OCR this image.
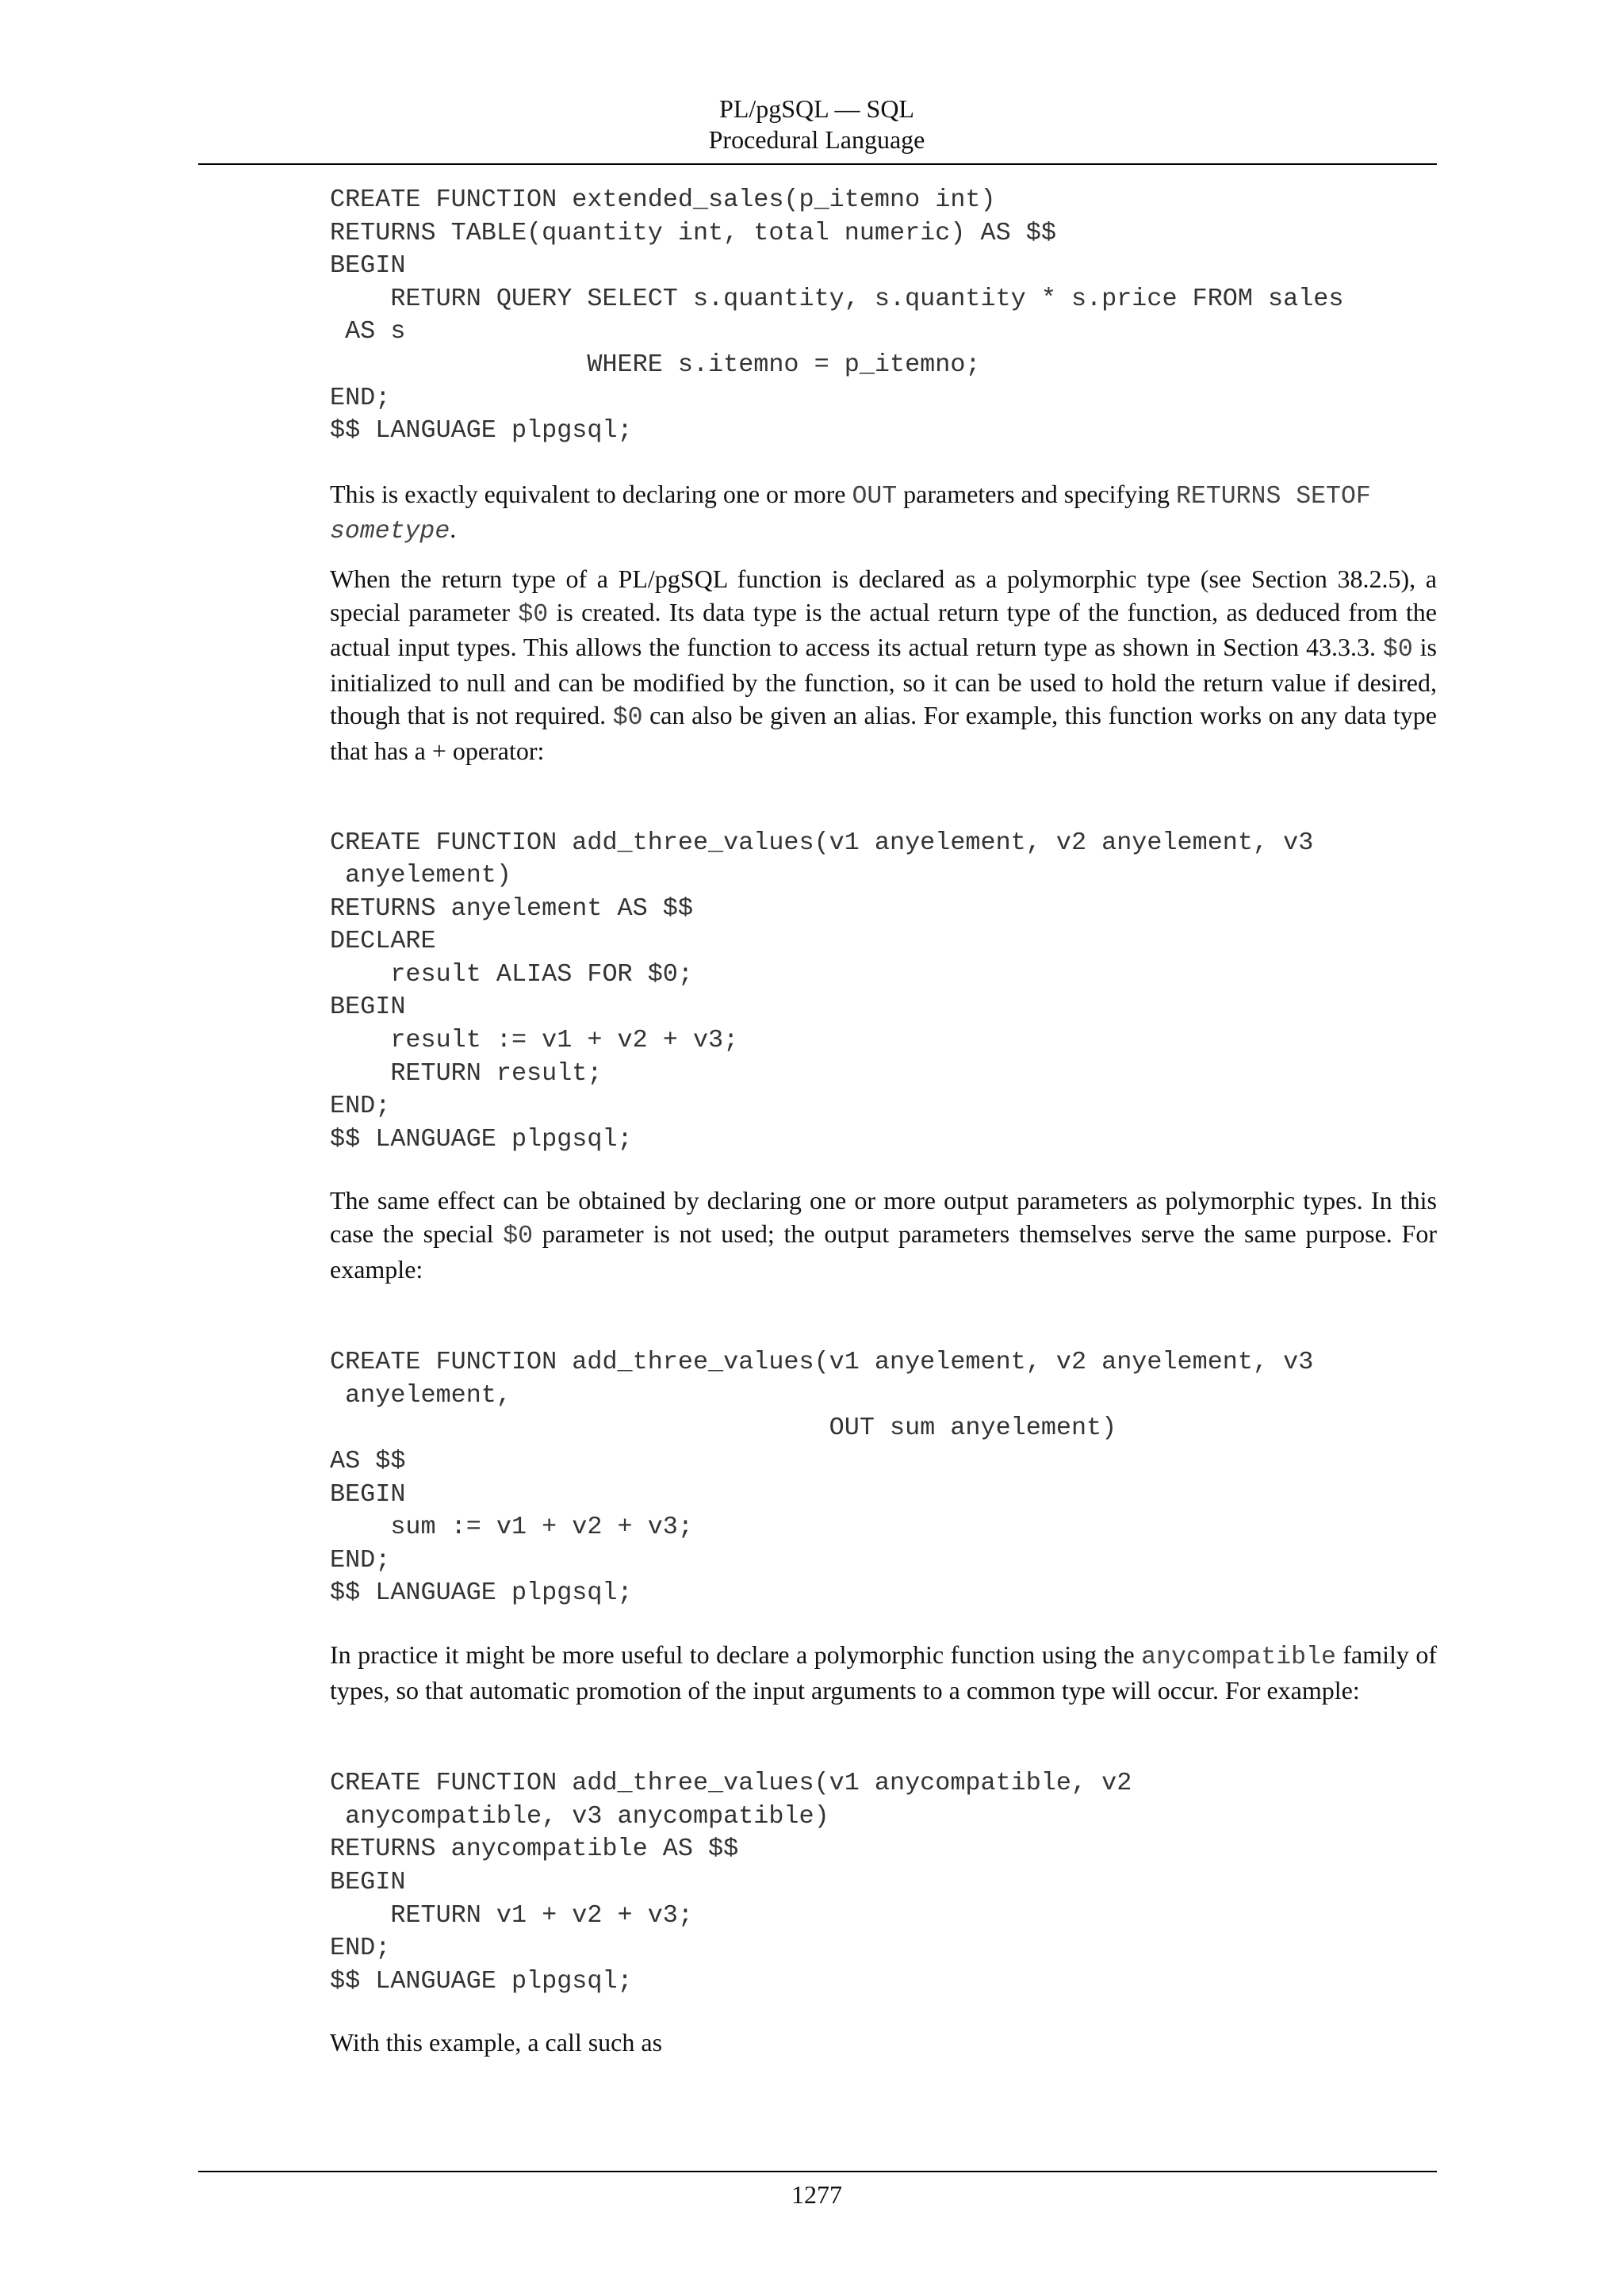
PL/pgSQL — SQL
Procedural Language
CREATE FUNCTION extended_sales(p_itemno int)
RETURNS TABLE(quantity int, total numeric) AS $$
BEGIN
RETURN QUERY SELECT s.quantity, s.quantity * s.price FROM sales
AS s
WHERE s.itemno = p_itemno;
END;
$$ LANGUAGE plpgsql;

This is exactly equivalent to declaring one or more OUT parameters and specifying RETURNS SETOF
sometype.

When the return type of a PL/pgSQL function is declared as a polymorphic type (see Section 38.2.5), a special parameter $0 is created. Its data type is the actual return type of the function, as deduced from the actual input types. This allows the function to access its actual return type as shown in Section 43.3.3. $0 is initialized to null and can be modified by the function, so it can be used to hold the return value if desired, though that is not required. $0 can also be given an alias. For example, this function works on any data type that has a + operator:

CREATE FUNCTION add_three_values(v1 anyelement, v2 anyelement, v3
anyelement)
RETURNS anyelement AS $$
DECLARE
result ALIAS FOR $0;
BEGIN
result := v1 + v2 + v3;
RETURN result;
END;
$$ LANGUAGE plpgsql;

The same effect can be obtained by declaring one or more output parameters as polymorphic types. In this case the special $0 parameter is not used; the output parameters themselves serve the same purpose. For example:

CREATE FUNCTION add_three_values(v1 anyelement, v2 anyelement, v3
anyelement,
OUT sum anyelement)
AS $$
BEGIN
sum := v1 + v2 + v3;
END;
$$ LANGUAGE plpgsql;

In practice it might be more useful to declare a polymorphic function using the anycompatible family of types, so that automatic promotion of the input arguments to a common type will occur. For example:

CREATE FUNCTION add_three_values(v1 anycompatible, v2
anycompatible, v3 anycompatible)
RETURNS anycompatible AS $$
BEGIN
RETURN v1 + v2 + v3;
END;
$$ LANGUAGE plpgsql;

With this example, a call such as

1277
